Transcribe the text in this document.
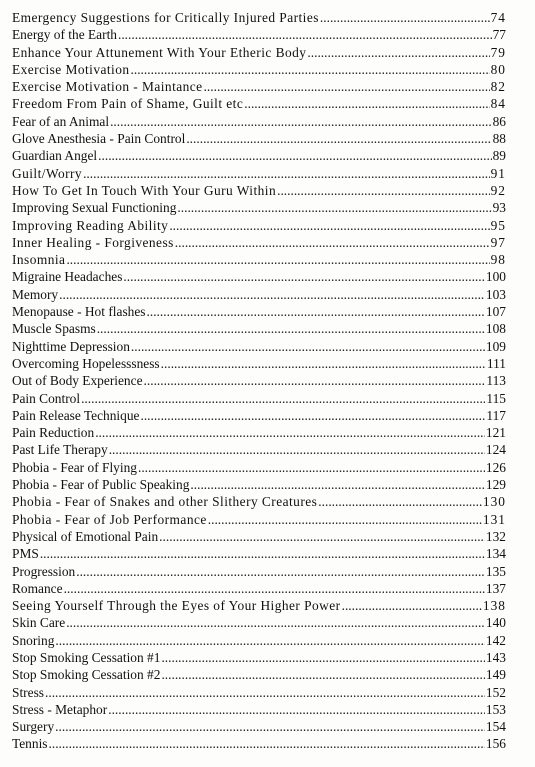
Emergency Suggestions for Critically Injured Parties .....	74
Energy of the Earth .....	77
Enhance Your Attunement With Your Etheric Body .....	79
Exercise Motivation .....	80
Exercise Motivation - Maintance .....	82
Freedom From Pain of Shame, Guilt etc .....	84
Fear of an Animal .....	86
Glove Anesthesia - Pain Control .....	88
Guardian Angel .....	89
Guilt/Worry .....	91
How To Get In Touch With Your Guru Within .....	92
Improving Sexual Functioning .....	93
Improving Reading Ability .....	95
Inner Healing - Forgiveness .....	97
Insomnia .....	98
Migraine Headaches .....	100
Memory .....	103
Menopause - Hot flashes .....	107
Muscle Spasms .....	108
Nighttime Depression .....	109
Overcoming Hopelesssness .....	111
Out of Body Experience .....	113
Pain Control .....	115
Pain Release Technique .....	117
Pain Reduction .....	121
Past Life Therapy .....	124
Phobia - Fear of Flying .....	126
Phobia - Fear of Public Speaking .....	129
Phobia - Fear of Snakes and other Slithery Creatures .....	130
Phobia - Fear of Job Performance .....	131
Physical of Emotional Pain .....	132
PMS .....	134
Progression .....	135
Romance .....	137
Seeing Yourself Through the Eyes of Your Higher Power .....	138
Skin Care .....	140
Snoring .....	142
Stop Smoking Cessation #1 .....	143
Stop Smoking Cessation #2 .....	149
Stress .....	152
Stress - Metaphor .....	153
Surgery .....	154
Tennis .....	156
